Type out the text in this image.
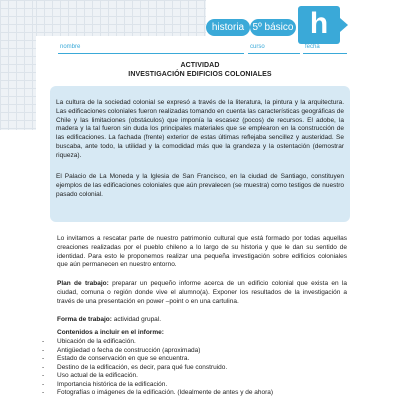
historia 5º básico h
nombre	curso	fecha
ACTIVIDAD
INVESTIGACIÓN EDIFICIOS COLONIALES
La cultura de la sociedad colonial se expresó a través de la literatura, la pintura y la arquitectura. Las edificaciones coloniales fueron realizadas tomando en cuenta las características geográficas de Chile y las limitaciones (obstáculos) que imponía la escasez (pocos) de recursos. El adobe, la madera y la tal fueron sin duda los principales materiales que se emplearon en la construcción de las edificaciones. La fachada (frente) exterior de estas últimas reflejaba sencillez y austeridad. Se buscaba, ante todo, la utilidad y la comodidad más que la grandeza y la ostentación (demostrar riqueza).
El Palacio de La Moneda y la Iglesia de San Francisco, en la ciudad de Santiago, constituyen ejemplos de las edificaciones coloniales que aún prevalecen (se muestra) como testigos de nuestro pasado colonial.
Lo invitamos a rescatar parte de nuestro patrimonio cultural que está formado por todas aquellas creaciones realizadas por el pueblo chileno a lo largo de su historia y que le dan su sentido de identidad. Para esto le proponemos realizar una pequeña investigación sobre edificios coloniales que aún permanecen en nuestro entorno.
Plan de trabajo: preparar un pequeño informe acerca de un edificio colonial que exista en la ciudad, comuna o región donde vive el alumno(a). Exponer los resultados de la investigación a través de una presentación en power –point o en una cartulina.
Forma de trabajo: actividad grupal.
Contenidos a incluir en el informe:
- Ubicación de la edificación.
- Antigüedad o fecha de construcción (aproximada)
- Estado de conservación en que se encuentra.
- Destino de la edificación, es decir, para qué fue construido.
- Uso actual de la edificación.
- Importancia histórica de la edificación.
- Fotografías o imágenes de la edificación. (Idealmente de antes y de ahora)
